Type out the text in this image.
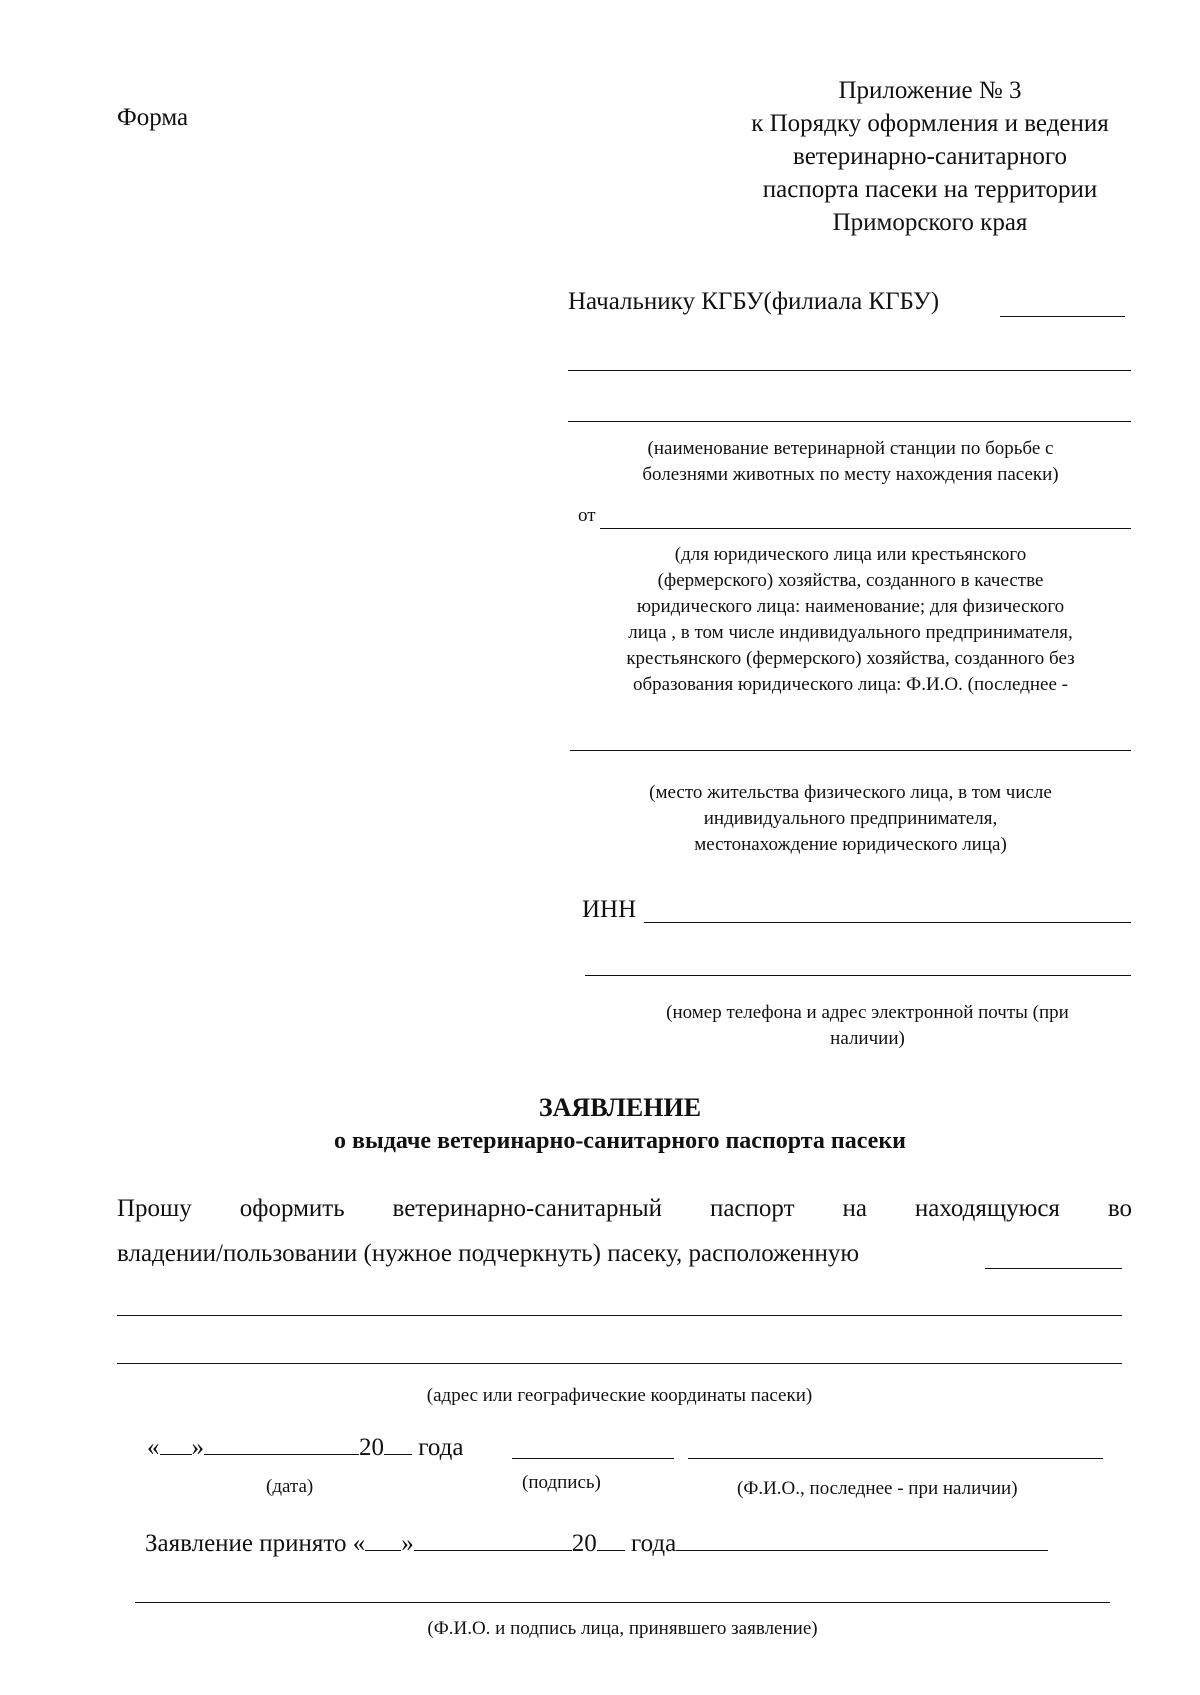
Форма
Приложение № 3
к Порядку оформления и ведения
ветеринарно-санитарного
паспорта пасеки на территории
Приморского края
Начальнику КГБУ(филиала КГБУ)
(наименование ветеринарной станции по борьбе с
болезнями животных по месту нахождения пасеки)
от
(для юридического лица или крестьянского
(фермерского) хозяйства, созданного в качестве
юридического лица: наименование; для физического
лица , в том числе индивидуального предпринимателя,
крестьянского (фермерского) хозяйства, созданного без
образования юридического лица: Ф.И.О. (последнее -
(место жительства физического лица, в том числе
индивидуального предпринимателя,
местонахождение юридического лица)
ИНН
(номер телефона и адрес электронной почты (при
наличии)
ЗАЯВЛЕНИЕ
о выдаче ветеринарно-санитарного паспорта пасеки
Прошу оформить ветеринарно-санитарный паспорт на находящуюся во
владении/пользовании (нужное подчеркнуть) пасеку, расположенную
(адрес или географические координаты пасеки)
« »	20 года
(дата)	(подпись)	(Ф.И.О., последнее - при наличии)
Заявление принято « »	20 года
(Ф.И.О. и подпись лица, принявшего заявление)
